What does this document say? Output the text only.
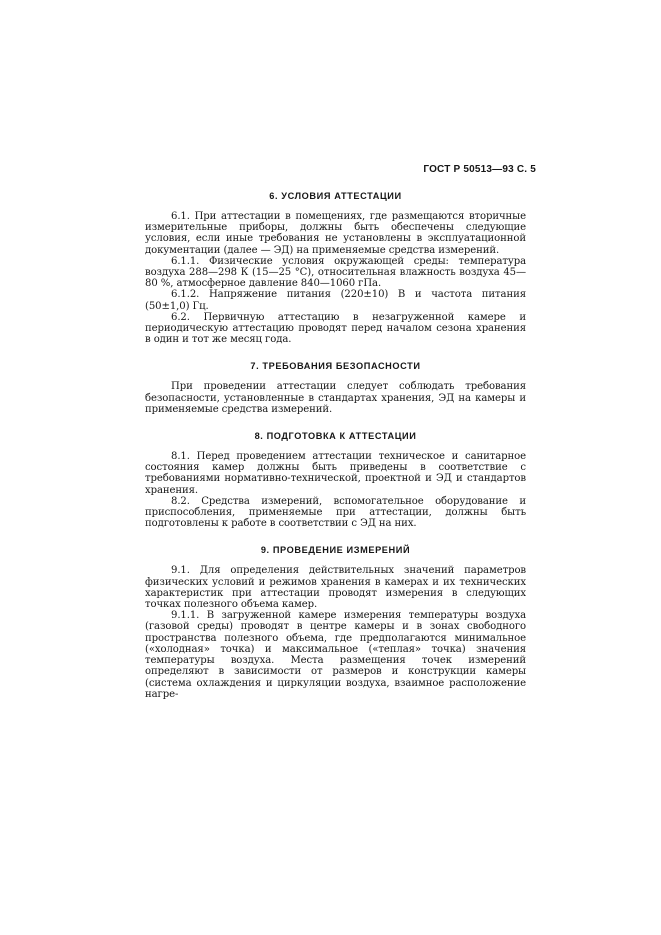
ГОСТ Р 50513—93 С. 5
6. УСЛОВИЯ АТТЕСТАЦИИ

6.1. При аттестации в помещениях, где размещаются вторичные измерительные приборы, должны быть обеспечены следующие условия, если иные требования не установлены в эксплуатационной документации (далее — ЭД) на применяемые средства измерений.

6.1.1. Физические условия окружающей среды: температура воздуха 288—298 К (15—25 °С), относительная влажность воздуха 45—80 %, атмосферное давление 840—1060 гПа.

6.1.2. Напряжение питания (220±10) В и частота питания (50±1,0) Гц.

6.2. Первичную аттестацию в незагруженной камере и периодическую аттестацию проводят перед началом сезона хранения в один и тот же месяц года.

7. ТРЕБОВАНИЯ БЕЗОПАСНОСТИ

При проведении аттестации следует соблюдать требования безопасности, установленные в стандартах хранения, ЭД на камеры и применяемые средства измерений.

8. ПОДГОТОВКА К АТТЕСТАЦИИ

8.1. Перед проведением аттестации техническое и санитарное состояния камер должны быть приведены в соответствие с требованиями нормативно-технической, проектной и ЭД и стандартов хранения.

8.2. Средства измерений, вспомогательное оборудование и приспособления, применяемые при аттестации, должны быть подготовлены к работе в соответствии с ЭД на них.

9. ПРОВЕДЕНИЕ ИЗМЕРЕНИЙ

9.1. Для определения действительных значений параметров физических условий и режимов хранения в камерах и их технических характеристик при аттестации проводят измерения в следующих точках полезного объема камер.

9.1.1. В загруженной камере измерения температуры воздуха (газовой среды) проводят в центре камеры и в зонах свободного пространства полезного объема, где предполагаются минимальное («холодная» точка) и максимальное («теплая» точка) значения температуры воздуха. Места размещения точек измерений определяют в зависимости от размеров и конструкции камеры (система охлаждения и циркуляции воздуха, взаимное расположение нагре-
